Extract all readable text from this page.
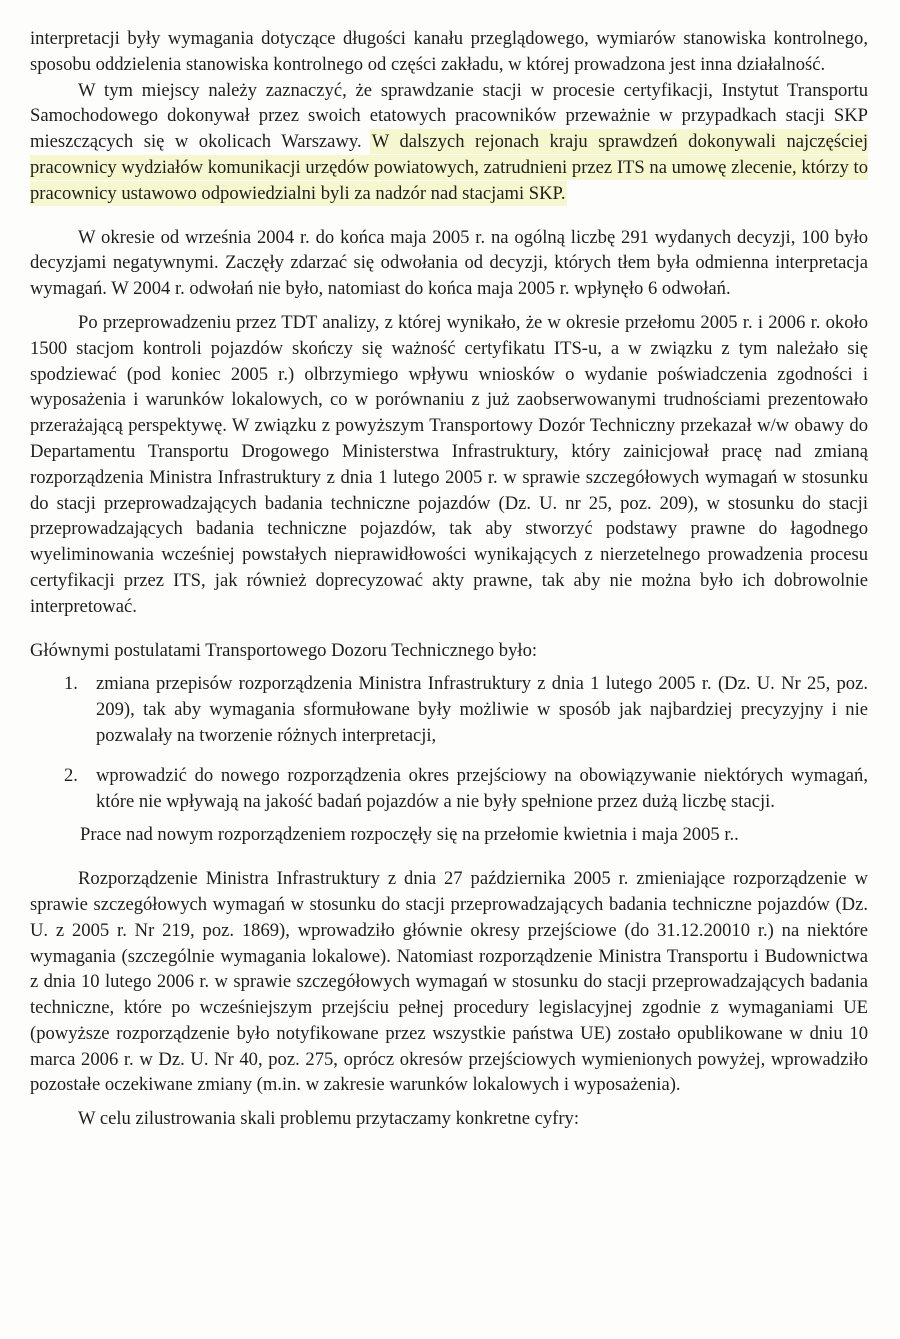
interpretacji były wymagania dotyczące długości kanału przeglądowego, wymiarów stanowiska kontrolnego, sposobu oddzielenia stanowiska kontrolnego od części zakładu, w której prowadzona jest inna działalność.

W tym miejscy należy zaznaczyć, że sprawdzanie stacji w procesie certyfikacji, Instytut Transportu Samochodowego dokonywał przez swoich etatowych pracowników przeważnie w przypadkach stacji SKP mieszczących się w okolicach Warszawy. W dalszych rejonach kraju sprawdzeń dokonywali najczęściej pracownicy wydziałów komunikacji urzędów powiatowych, zatrudnieni przez ITS na umowę zlecenie, którzy to pracownicy ustawowo odpowiedzialni byli za nadzór nad stacjami SKP.

W okresie od września 2004 r. do końca maja 2005 r. na ogólną liczbę 291 wydanych decyzji, 100 było decyzjami negatywnymi. Zaczęły zdarzać się odwołania od decyzji, których tłem była odmienna interpretacja wymagań. W 2004 r. odwołań nie było, natomiast do końca maja 2005 r. wpłynęło 6 odwołań.

Po przeprowadzeniu przez TDT analizy, z której wynikało, że w okresie przełomu 2005 r. i 2006 r. około 1500 stacjom kontroli pojazdów skończy się ważność certyfikatu ITS-u, a w związku z tym należało się spodziewać (pod koniec 2005 r.) olbrzymiego wpływu wniosków o wydanie poświadczenia zgodności i wyposażenia i warunków lokalowych, co w porównaniu z już zaobserwowanymi trudnościami prezentowało przerażającą perspektywę. W związku z powyższym Transportowy Dozór Techniczny przekazał w/w obawy do Departamentu Transportu Drogowego Ministerstwa Infrastruktury, który zainicjował pracę nad zmianą rozporządzenia Ministra Infrastruktury z dnia 1 lutego 2005 r. w sprawie szczegółowych wymagań w stosunku do stacji przeprowadzających badania techniczne pojazdów (Dz. U. nr 25, poz. 209), w stosunku do stacji przeprowadzających badania techniczne pojazdów, tak aby stworzyć podstawy prawne do łagodnego wyeliminowania wcześniej powstałych nieprawidłowości wynikających z nierzetelnego prowadzenia procesu certyfikacji przez ITS, jak również doprecyzować akty prawne, tak aby nie można było ich dobrowolnie interpretować.

Głównymi postulatami Transportowego Dozoru Technicznego było:

1. zmiana przepisów rozporządzenia Ministra Infrastruktury z dnia 1 lutego 2005 r. (Dz. U. Nr 25, poz. 209), tak aby wymagania sformułowane były możliwie w sposób jak najbardziej precyzyjny i nie pozwalały na tworzenie różnych interpretacji,
2. wprowadzić do nowego rozporządzenia okres przejściowy na obowiązywanie niektórych wymagań, które nie wpływają na jakość badań pojazdów a nie były spełnione przez dużą liczbę stacji.

Prace nad nowym rozporządzeniem rozpoczęły się na przełomie kwietnia i maja 2005 r..

Rozporządzenie Ministra Infrastruktury z dnia 27 października 2005 r. zmieniające rozporządzenie w sprawie szczegółowych wymagań w stosunku do stacji przeprowadzających badania techniczne pojazdów (Dz. U. z 2005 r. Nr 219, poz. 1869), wprowadziło głównie okresy przejściowe (do 31.12.20010 r.) na niektóre wymagania (szczególnie wymagania lokalowe). Natomiast rozporządzenie Ministra Transportu i Budownictwa z dnia 10 lutego 2006 r. w sprawie szczegółowych wymagań w stosunku do stacji przeprowadzających badania techniczne, które po wcześniejszym przejściu pełnej procedury legislacyjnej zgodnie z wymaganiami UE (powyższe rozporządzenie było notyfikowane przez wszystkie państwa UE) zostało opublikowane w dniu 10 marca 2006 r. w Dz. U. Nr 40, poz. 275, oprócz okresów przejściowych wymienionych powyżej, wprowadziło pozostałe oczekiwane zmiany (m.in. w zakresie warunków lokalowych i wyposażenia).

W celu zilustrowania skali problemu przytaczamy konkretne cyfry:
